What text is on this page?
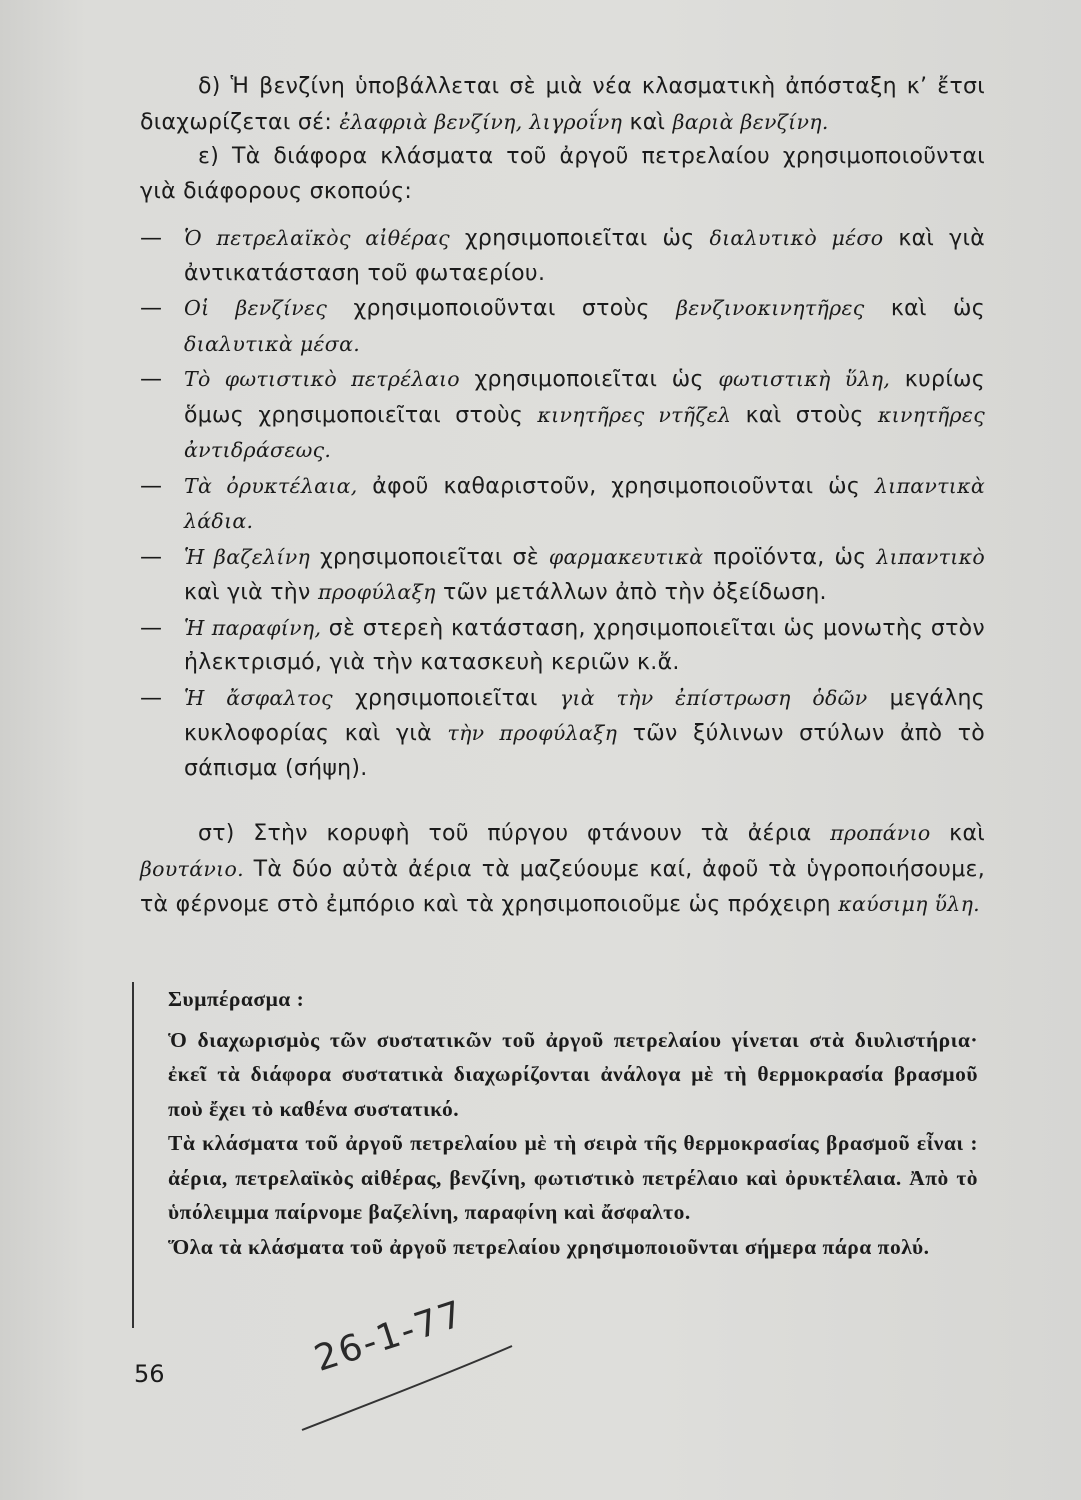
δ) Ἡ βενζίνη ὑποβάλλεται σὲ μιὰ νέα κλασματικὴ ἀπόσταξη κ’ ἔτσι διαχωρίζεται σέ: ἐλαφριὰ βενζίνη, λιγροΐνη καὶ βαριὰ βενζίνη.

ε) Τὰ διάφορα κλάσματα τοῦ ἀργοῦ πετρελαίου χρησιμοποιοῦνται γιὰ διάφορους σκοπούς:

— Ὁ πετρελαϊκὸς αἰθέρας χρησιμοποιεῖται ὡς διαλυτικὸ μέσο καὶ γιὰ ἀντικατάσταση τοῦ φωταερίου.

— Οἱ βενζίνες χρησιμοποιοῦνται στοὺς βενζινοκινητῆρες καὶ ὡς διαλυτικὰ μέσα.

— Τὸ φωτιστικὸ πετρέλαιο χρησιμοποιεῖται ὡς φωτιστικὴ ὕλη, κυρίως ὅμως χρησιμοποιεῖται στοὺς κινητῆρες ντῆζελ καὶ στοὺς κινητῆρες ἀντιδράσεως.

— Τὰ ὀρυκτέλαια, ἀφοῦ καθαριστοῦν, χρησιμοποιοῦνται ὡς λιπαντικὰ λάδια.

— Ἡ βαζελίνη χρησιμοποιεῖται σὲ φαρμακευτικὰ προϊόντα, ὡς λιπαντικὸ καὶ γιὰ τὴν προφύλαξη τῶν μετάλλων ἀπὸ τὴν ὀξείδωση.

— Ἡ παραφίνη, σὲ στερεὴ κατάσταση, χρησιμοποιεῖται ὡς μονωτὴς στὸν ἠλεκτρισμό, γιὰ τὴν κατασκευὴ κεριῶν κ.ἄ.

— Ἡ ἄσφαλτος χρησιμοποιεῖται γιὰ τὴν ἐπίστρωση ὁδῶν μεγάλης κυκλοφορίας καὶ γιὰ τὴν προφύλαξη τῶν ξύλινων στύλων ἀπὸ τὸ σάπισμα (σήψη).

στ) Στὴν κορυφὴ τοῦ πύργου φτάνουν τὰ ἀέρια προπάνιο καὶ βουτάνιο. Τὰ δύο αὐτὰ ἀέρια τὰ μαζεύουμε καί, ἀφοῦ τὰ ὑγροποιήσουμε, τὰ φέρνομε στὸ ἐμπόριο καὶ τὰ χρησιμοποιοῦμε ὡς πρόχειρη καύσιμη ὕλη.

Συμπέρασμα :

Ὁ διαχωρισμὸς τῶν συστατικῶν τοῦ ἀργοῦ πετρελαίου γίνεται στὰ διυλιστήρια· ἐκεῖ τὰ διάφορα συστατικὰ διαχωρίζονται ἀνάλογα μὲ τὴ θερμοκρασία βρασμοῦ ποὺ ἔχει τὸ καθένα συστατικό.

Τὰ κλάσματα τοῦ ἀργοῦ πετρελαίου μὲ τὴ σειρὰ τῆς θερμοκρασίας βρασμοῦ εἶναι : ἀέρια, πετρελαϊκὸς αἰθέρας, βενζίνη, φωτιστικὸ πετρέλαιο καὶ ὀρυκτέλαια. Ἀπὸ τὸ ὑπόλειμμα παίρνομε βαζελίνη, παραφίνη καὶ ἄσφαλτο.

Ὅλα τὰ κλάσματα τοῦ ἀργοῦ πετρελαίου χρησιμοποιοῦνται σήμερα πάρα πολύ.

56	26-1-77
